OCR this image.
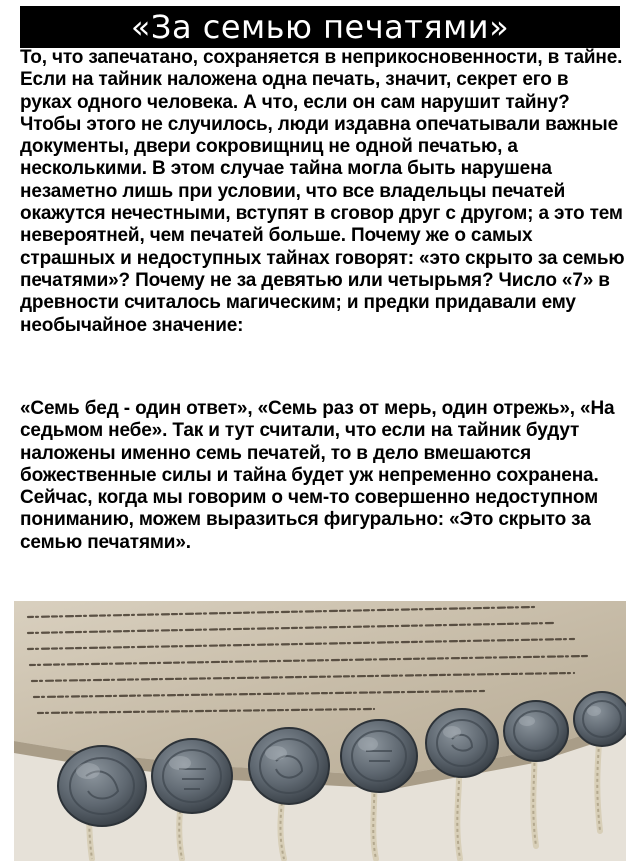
«За семью печатями»

То, что запечатано, сохраняется в неприкосновенности, в тайне. Если на тайник наложена одна печать, значит, секрет его в руках одного человека. А что, если он сам нарушит тайну? Чтобы этого не случилось, люди издавна опечатывали важные документы, двери сокровищниц не одной печатью, а несколькими. В этом случае тайна могла быть нарушена незаметно лишь при условии, что все владельцы печатей окажутся нечестными, вступят в сговор друг с другом; а это тем невероятней, чем печатей больше. Почему же о самых страшных и недоступных тайнах говорят: «это скрыто за семью печатями»? Почему не за девятью или четырьмя? Число «7» в древности считалось магическим; и предки придавали ему необычайное значение:

«Семь бед - один ответ», «Семь раз от мерь, один отрежь», «На седьмом небе». Так и тут считали, что если на тайник будут наложены именно семь печатей, то в дело вмешаются божественные силы и тайна будет уж непременно сохранена. Сейчас, когда мы говорим о чем-то совершенно недоступном пониманию, можем выразиться фигурально: «Это скрыто за семью печатями».
